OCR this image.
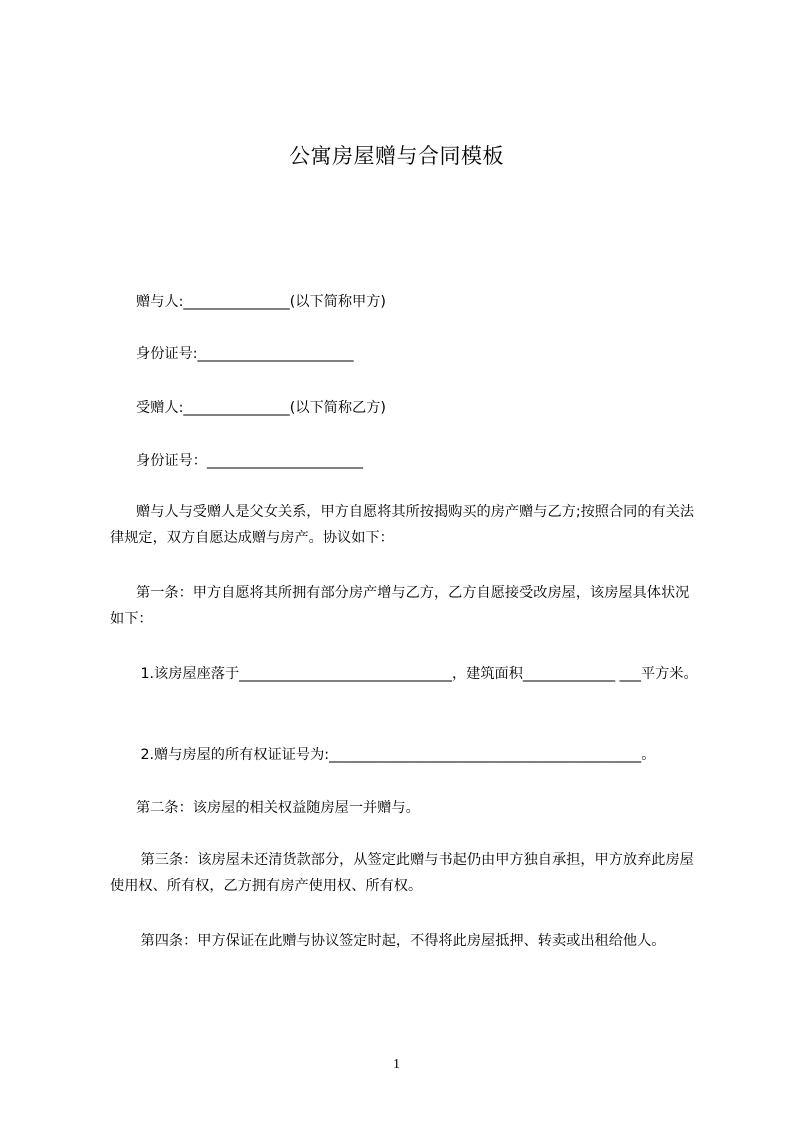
公寓房屋赠与合同模板
赠与人:_______________(以下简称甲方)
身份证号:______________________
受赠人:_______________(以下简称乙方)
身份证号：______________________
赠与人与受赠人是父女关系，甲方自愿将其所按揭购买的房产赠与乙方;按照合同的有关法律规定，双方自愿达成赠与房产。协议如下：
第一条：甲方自愿将其所拥有部分房产增与乙方，乙方自愿接受改房屋，该房屋具体状况如下：
1.该房屋座落于______________________________，建筑面积_____________ ___平方米。
2.赠与房屋的所有权证证号为:____________________________________________。
第二条：该房屋的相关权益随房屋一并赠与。
第三条：该房屋未还清货款部分，从签定此赠与书起仍由甲方独自承担，甲方放弃此房屋使用权、所有权，乙方拥有房产使用权、所有权。
第四条：甲方保证在此赠与协议签定时起，不得将此房屋抵押、转卖或出租给他人。
1
